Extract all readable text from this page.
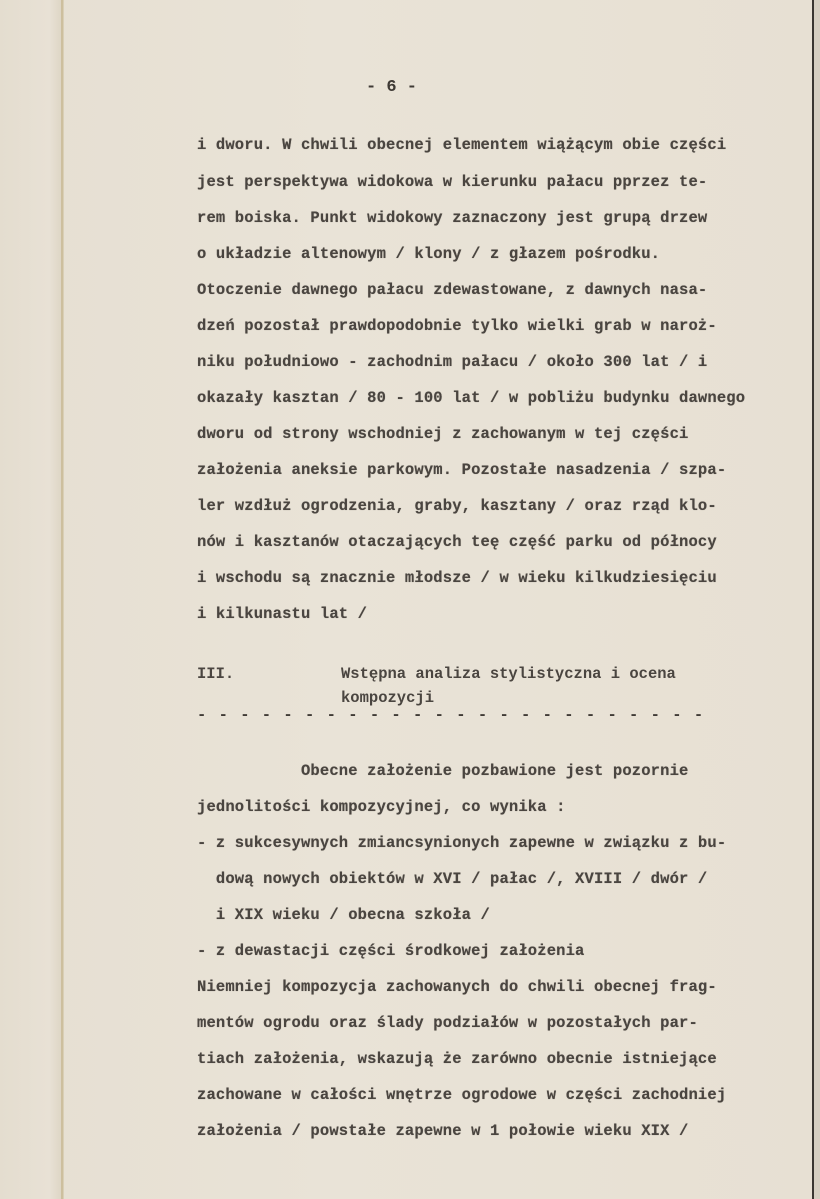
- 6 -
i dworu. W chwili obecnej elementem wiążącym obie części
jest perspektywa widokowa w kierunku pałacu pprzez te-
rem boiska. Punkt widokowy zaznaczony jest grupą drzew
o układzie altenowym / klony / z głazem pośrodku.
Otoczenie dawnego pałacu zdewastowane, z dawnych nasa-
dzeń pozostał prawdopodobnie tylko wielki grab w naroż-
niku południowo - zachodnim pałacu / około 300 lat / i
okazały kasztan / 80 - 100 lat / w pobliżu budynku dawnego
dworu od strony wschodniej z zachowanym w tej części
założenia aneksie parkowym. Pozostałe nasadzenia / szpa-
ler wzdłuż ogrodzenia, graby, kasztany / oraz rząd klo-
nów i kasztanów otaczających teę część parku od północy
i wschodu są znacznie młodsze / w wieku kilkudziesięciu
i kilkunastu lat /
III.	Wstępna analiza stylistyczna i ocena
kompozycji
- - - - - - - - - - - - - - - - - - - - - - - -
Obecne założenie pozbawione jest pozornie
jednolitości kompozycyjnej, co wynika :
- z sukcesywnych zmiancsynionych zapewne w związku z bu-
dową nowych obiektów w XVI / pałac /, XVIII / dwór /
i XIX wieku / obecna szkoła /
- z dewastacji części środkowej założenia
Niemniej kompozycja zachowanych do chwili obecnej frag-
mentów ogrodu oraz ślady podziałów w pozostałych par-
tiach założenia, wskazują że zarówno obecnie istniejące
zachowane w całości wnętrze ogrodowe w części zachodniej
założenia / powstałe zapewne w 1 połowie wieku XIX /
